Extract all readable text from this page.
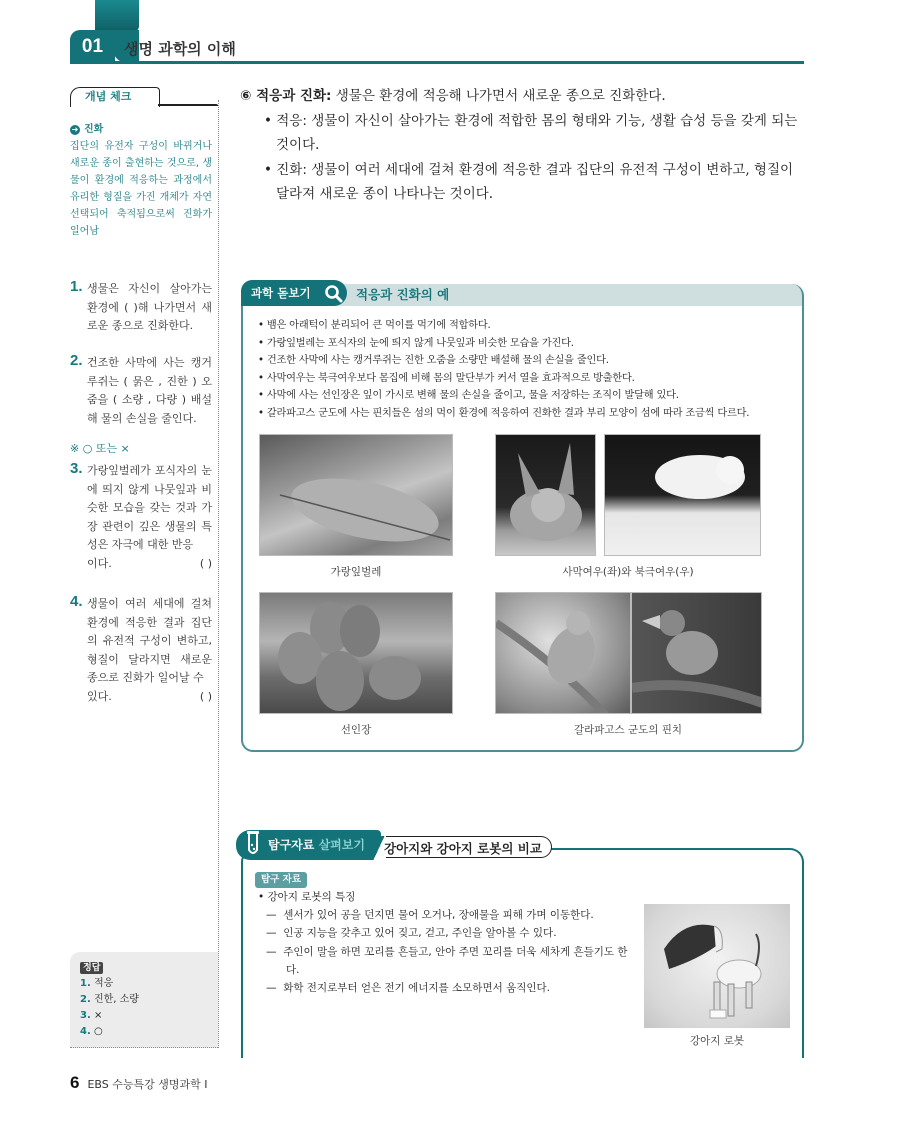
01	생명 과학의 이해
개념 체크
➜ 진화
집단의 유전자 구성이 바뀌거나 새로운 종이 출현하는 것으로, 생물이 환경에 적응하는 과정에서 유리한 형질을 가진 개체가 자연 선택되어 축적됨으로써 진화가 일어남
1. 생물은 자신이 살아가는 환경에 ( )해 나가면서 새로운 종으로 진화한다.
2. 건조한 사막에 사는 캥거루쥐는 ( 묽은 , 진한 ) 오줌을 ( 소량 , 다량 ) 배설해 물의 손실을 줄인다.
※ ○ 또는 ×
3. 가랑잎벌레가 포식자의 눈에 띄지 않게 나뭇잎과 비슷한 모습을 갖는 것과 가장 관련이 깊은 생물의 특성은 자극에 대한 반응
이다.	( )
4. 생물이 여러 세대에 걸쳐 환경에 적응한 결과 집단의 유전적 구성이 변하고, 형질이 달라지면 새로운 종으로 진화가 일어날 수
있다.	( )
정답
1. 적응
2. 진한, 소량
3. ×
4. ○
⑥ 적응과 진화: 생물은 환경에 적응해 나가면서 새로운 종으로 진화한다.
• 적응: 생물이 자신이 살아가는 환경에 적합한 몸의 형태와 기능, 생활 습성 등을 갖게 되는 것이다.
• 진화: 생물이 여러 세대에 걸쳐 환경에 적응한 결과 집단의 유전적 구성이 변하고, 형질이 달라져 새로운 종이 나타나는 것이다.
과학 돋보기	적응과 진화의 예
• 뱀은 아래턱이 분리되어 큰 먹이를 먹기에 적합하다.
• 가랑잎벌레는 포식자의 눈에 띄지 않게 나뭇잎과 비슷한 모습을 가진다.
• 건조한 사막에 사는 캥거루쥐는 진한 오줌을 소량만 배설해 물의 손실을 줄인다.
• 사막여우는 북극여우보다 몸집에 비해 몸의 말단부가 커서 열을 효과적으로 방출한다.
• 사막에 사는 선인장은 잎이 가시로 변해 물의 손실을 줄이고, 물을 저장하는 조직이 발달해 있다.
• 갈라파고스 군도에 사는 핀치들은 섬의 먹이 환경에 적응하여 진화한 결과 부리 모양이 섬에 따라 조금씩 다르다.
가랑잎벌레	사막여우(좌)와 북극여우(우)
선인장	갈라파고스 군도의 핀치
탐구자료 살펴보기	강아지와 강아지 로봇의 비교
탐구 자료
• 강아지 로봇의 특징
—  센서가 있어 공을 던지면 물어 오거나, 장애물을 피해 가며 이동한다.
—  인공 지능을 갖추고 있어 짖고, 걷고, 주인을 알아볼 수 있다.
—  주인이 말을 하면 꼬리를 흔들고, 안아 주면 꼬리를 더욱 세차게 흔들기도 한다.
—  화학 전지로부터 얻은 전기 에너지를 소모하면서 움직인다.
강아지 로봇
6 EBS 수능특강 생명과학 Ⅰ
